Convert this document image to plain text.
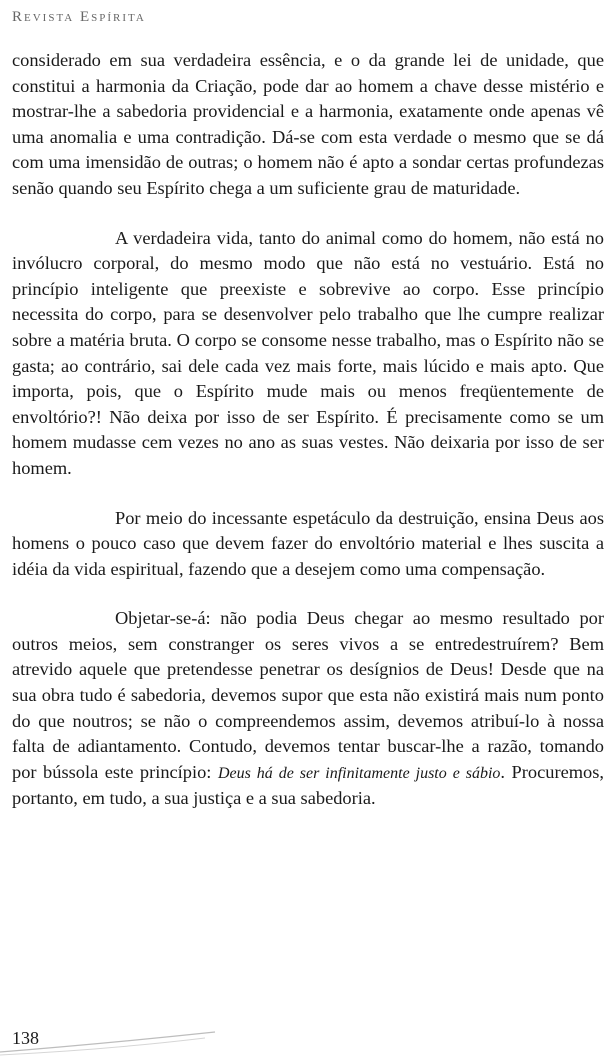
Revista Espírita

considerado em sua verdadeira essência, e o da grande lei de unidade, que constitui a harmonia da Criação, pode dar ao homem a chave desse mistério e mostrar-lhe a sabedoria providencial e a harmonia, exatamente onde apenas vê uma anomalia e uma contradição. Dá-se com esta verdade o mesmo que se dá com uma imensidão de outras; o homem não é apto a sondar certas profundezas senão quando seu Espírito chega a um suficiente grau de maturidade.

A verdadeira vida, tanto do animal como do homem, não está no invólucro corporal, do mesmo modo que não está no vestuário. Está no princípio inteligente que preexiste e sobrevive ao corpo. Esse princípio necessita do corpo, para se desenvolver pelo trabalho que lhe cumpre realizar sobre a matéria bruta. O corpo se consome nesse trabalho, mas o Espírito não se gasta; ao contrário, sai dele cada vez mais forte, mais lúcido e mais apto. Que importa, pois, que o Espírito mude mais ou menos freqüentemente de envoltório?! Não deixa por isso de ser Espírito. É precisamente como se um homem mudasse cem vezes no ano as suas vestes. Não deixaria por isso de ser homem.

Por meio do incessante espetáculo da destruição, ensina Deus aos homens o pouco caso que devem fazer do envoltório material e lhes suscita a idéia da vida espiritual, fazendo que a desejem como uma compensação.

Objetar-se-á: não podia Deus chegar ao mesmo resultado por outros meios, sem constranger os seres vivos a se entredestruírem? Bem atrevido aquele que pretendesse penetrar os desígnios de Deus! Desde que na sua obra tudo é sabedoria, devemos supor que esta não existirá mais num ponto do que noutros; se não o compreendemos assim, devemos atribuí-lo à nossa falta de adiantamento. Contudo, devemos tentar buscar-lhe a razão, tomando por bússola este princípio: Deus há de ser infinitamente justo e sábio. Procuremos, portanto, em tudo, a sua justiça e a sua sabedoria.

138
